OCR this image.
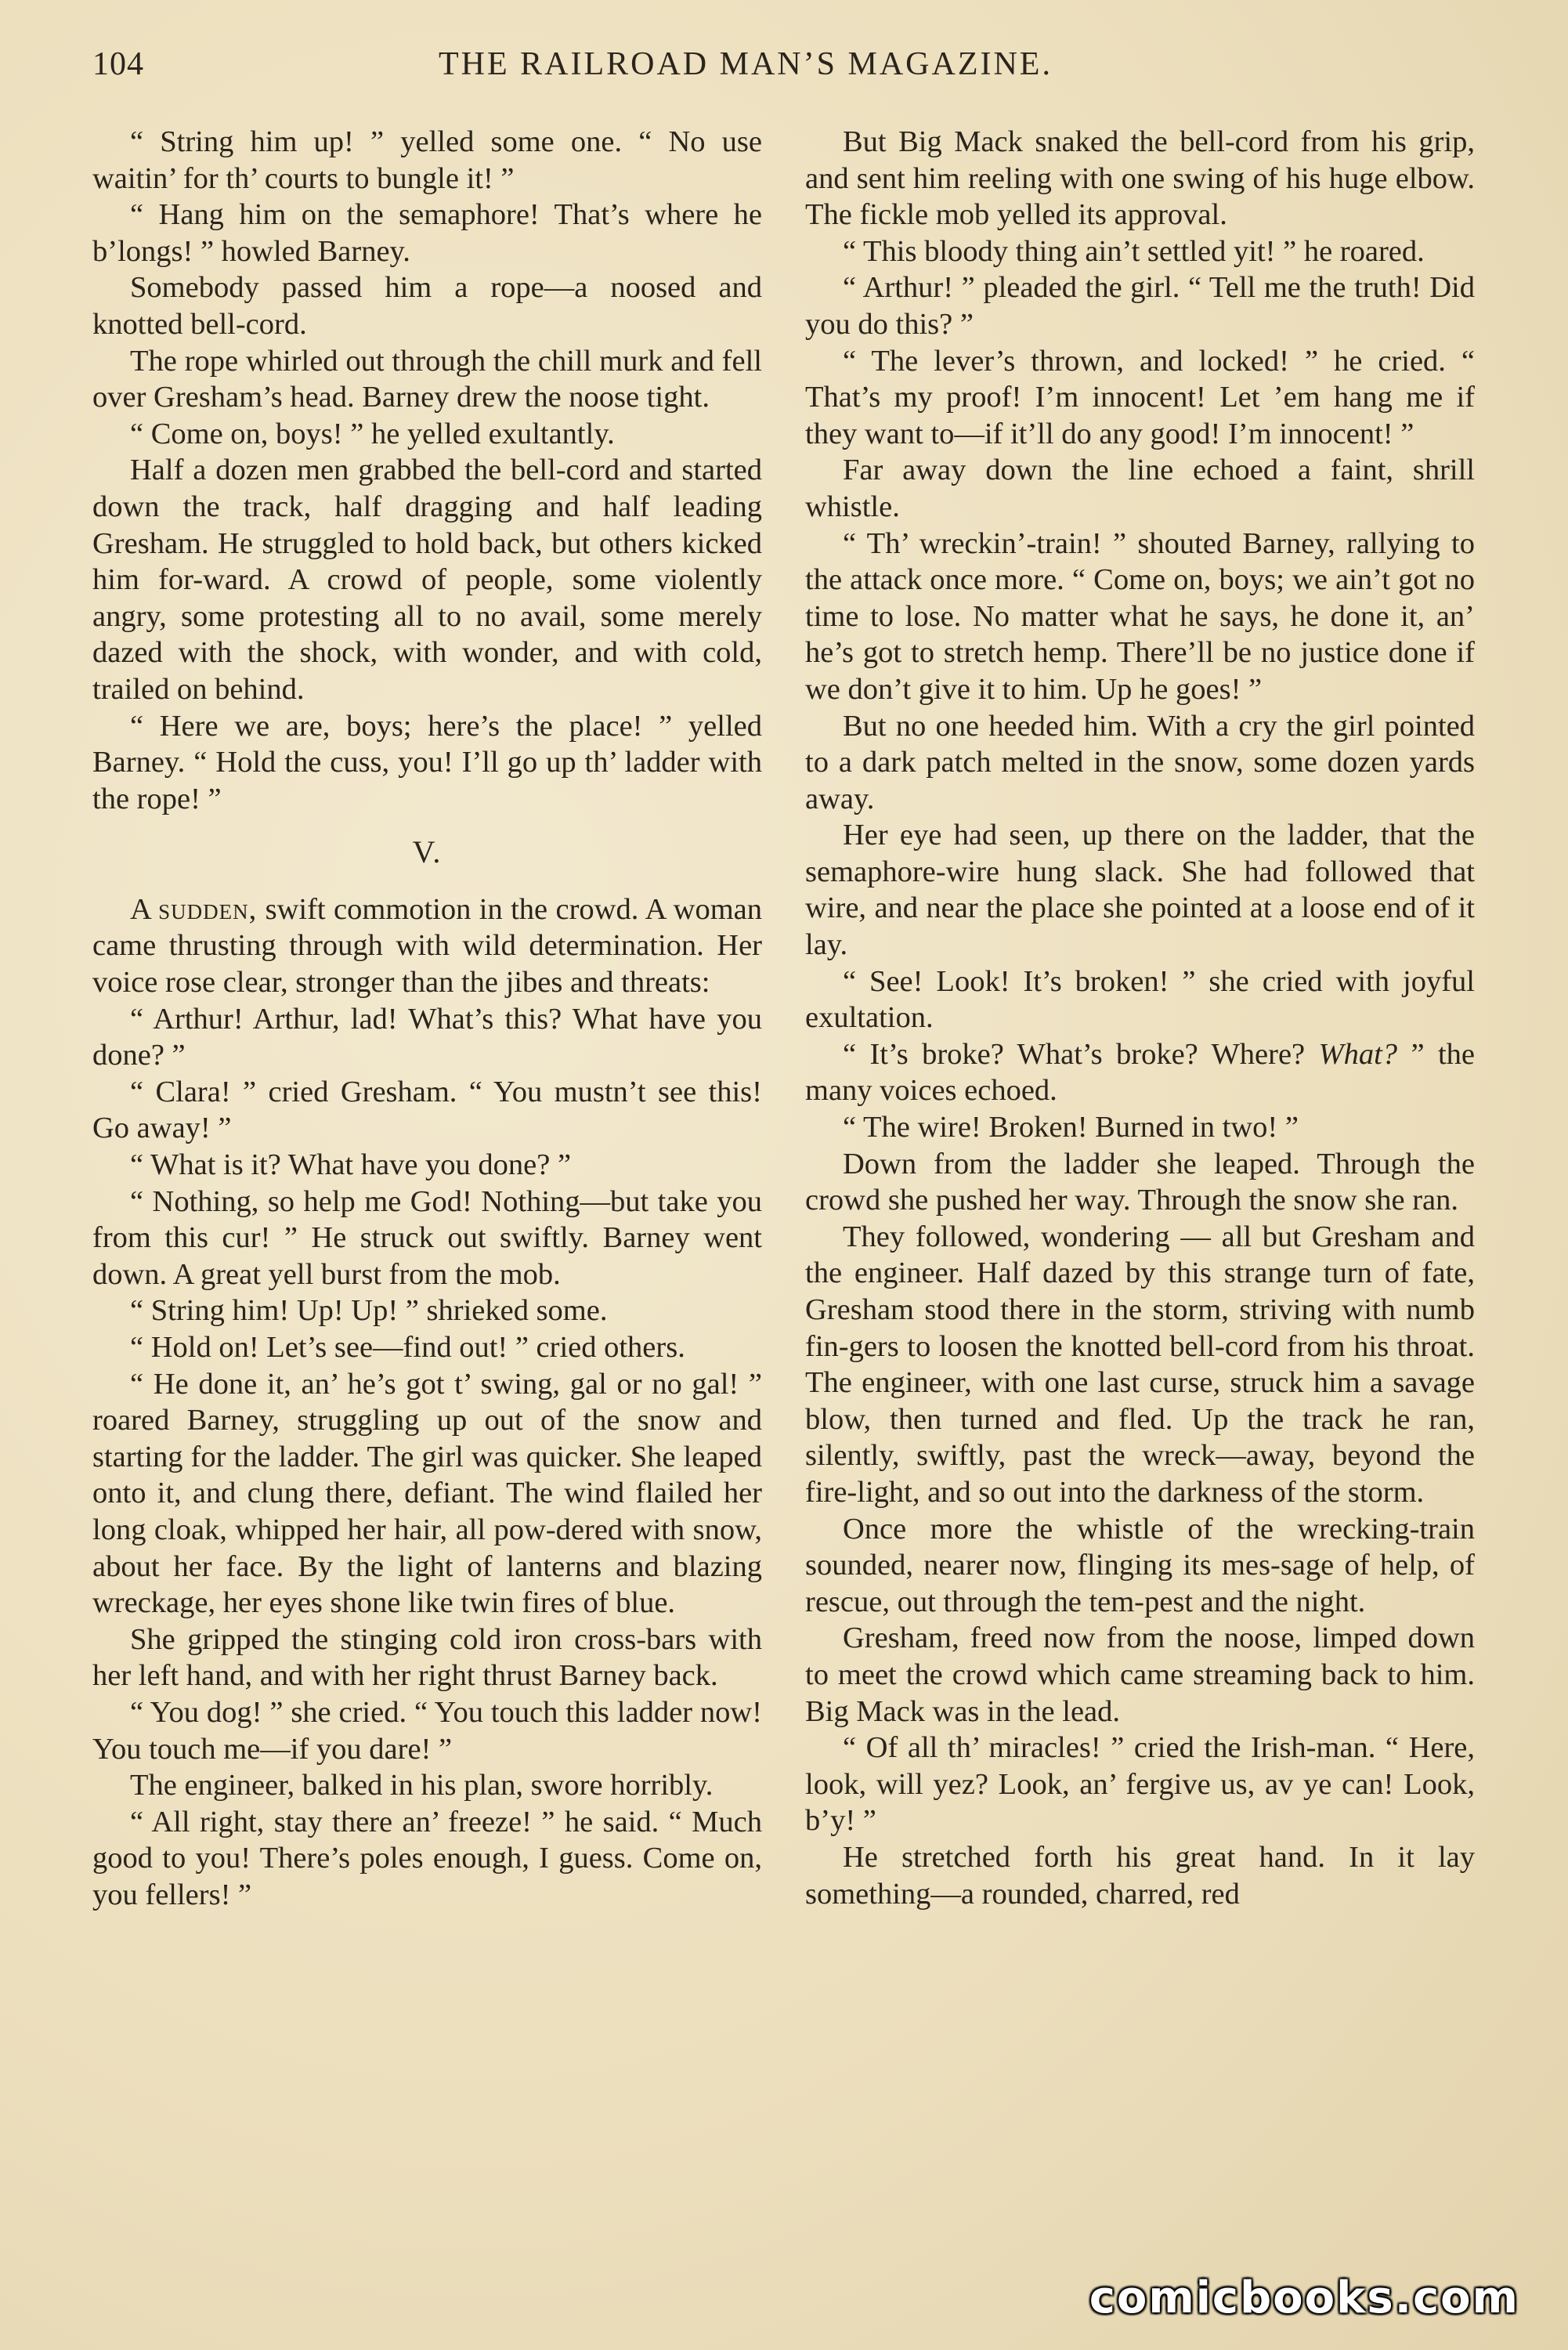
104	THE RAILROAD MAN’S MAGAZINE.

“ String him up! ” yelled some one. “ No use waitin’ for th’ courts to bungle it! ”

“ Hang him on the semaphore! That’s where he b’longs! ” howled Barney.

Somebody passed him a rope—a noosed and knotted bell-cord.

The rope whirled out through the chill murk and fell over Gresham’s head. Barney drew the noose tight.

“ Come on, boys! ” he yelled exultantly.

Half a dozen men grabbed the bell-cord and started down the track, half dragging and half leading Gresham. He struggled to hold back, but others kicked him for-ward. A crowd of people, some violently angry, some protesting all to no avail, some merely dazed with the shock, with wonder, and with cold, trailed on behind.

“ Here we are, boys; here’s the place! ” yelled Barney. “ Hold the cuss, you! I’ll go up th’ ladder with the rope! ”

V.

A sudden, swift commotion in the crowd. A woman came thrusting through with wild determination. Her voice rose clear, stronger than the jibes and threats:

“ Arthur! Arthur, lad! What’s this? What have you done? ”

“ Clara! ” cried Gresham. “ You mustn’t see this! Go away! ”

“ What is it? What have you done? ”

“ Nothing, so help me God! Nothing—but take you from this cur! ” He struck out swiftly. Barney went down. A great yell burst from the mob.

“ String him! Up! Up! ” shrieked some.

“ Hold on! Let’s see—find out! ” cried others.

“ He done it, an’ he’s got t’ swing, gal or no gal! ” roared Barney, struggling up out of the snow and starting for the ladder. The girl was quicker. She leaped onto it, and clung there, defiant. The wind flailed her long cloak, whipped her hair, all pow-dered with snow, about her face. By the light of lanterns and blazing wreckage, her eyes shone like twin fires of blue.

She gripped the stinging cold iron cross-bars with her left hand, and with her right thrust Barney back.

“ You dog! ” she cried. “ You touch this ladder now! You touch me—if you dare! ”

The engineer, balked in his plan, swore horribly.

“ All right, stay there an’ freeze! ” he said. “ Much good to you! There’s poles enough, I guess. Come on, you fellers! ”

But Big Mack snaked the bell-cord from his grip, and sent him reeling with one swing of his huge elbow. The fickle mob yelled its approval.

“ This bloody thing ain’t settled yit! ” he roared.

“ Arthur! ” pleaded the girl. “ Tell me the truth! Did you do this? ”

“ The lever’s thrown, and locked! ” he cried. “ That’s my proof! I’m innocent! Let ’em hang me if they want to—if it’ll do any good! I’m innocent! ”

Far away down the line echoed a faint, shrill whistle.

“ Th’ wreckin’-train! ” shouted Barney, rallying to the attack once more. “ Come on, boys; we ain’t got no time to lose. No matter what he says, he done it, an’ he’s got to stretch hemp. There’ll be no justice done if we don’t give it to him. Up he goes! ”

But no one heeded him. With a cry the girl pointed to a dark patch melted in the snow, some dozen yards away.

Her eye had seen, up there on the ladder, that the semaphore-wire hung slack. She had followed that wire, and near the place she pointed at a loose end of it lay.

“ See! Look! It’s broken! ” she cried with joyful exultation.

“ It’s broke? What’s broke? Where? What? ” the many voices echoed.

“ The wire! Broken! Burned in two! ”

Down from the ladder she leaped. Through the crowd she pushed her way. Through the snow she ran.

They followed, wondering — all but Gresham and the engineer. Half dazed by this strange turn of fate, Gresham stood there in the storm, striving with numb fin-gers to loosen the knotted bell-cord from his throat. The engineer, with one last curse, struck him a savage blow, then turned and fled. Up the track he ran, silently, swiftly, past the wreck—away, beyond the fire-light, and so out into the darkness of the storm.

Once more the whistle of the wrecking-train sounded, nearer now, flinging its mes-sage of help, of rescue, out through the tem-pest and the night.

Gresham, freed now from the noose, limped down to meet the crowd which came streaming back to him. Big Mack was in the lead.

“ Of all th’ miracles! ” cried the Irish-man. “ Here, look, will yez? Look, an’ fergive us, av ye can! Look, b’y! ”

He stretched forth his great hand. In it lay something—a rounded, charred, red

comicbooks.com
